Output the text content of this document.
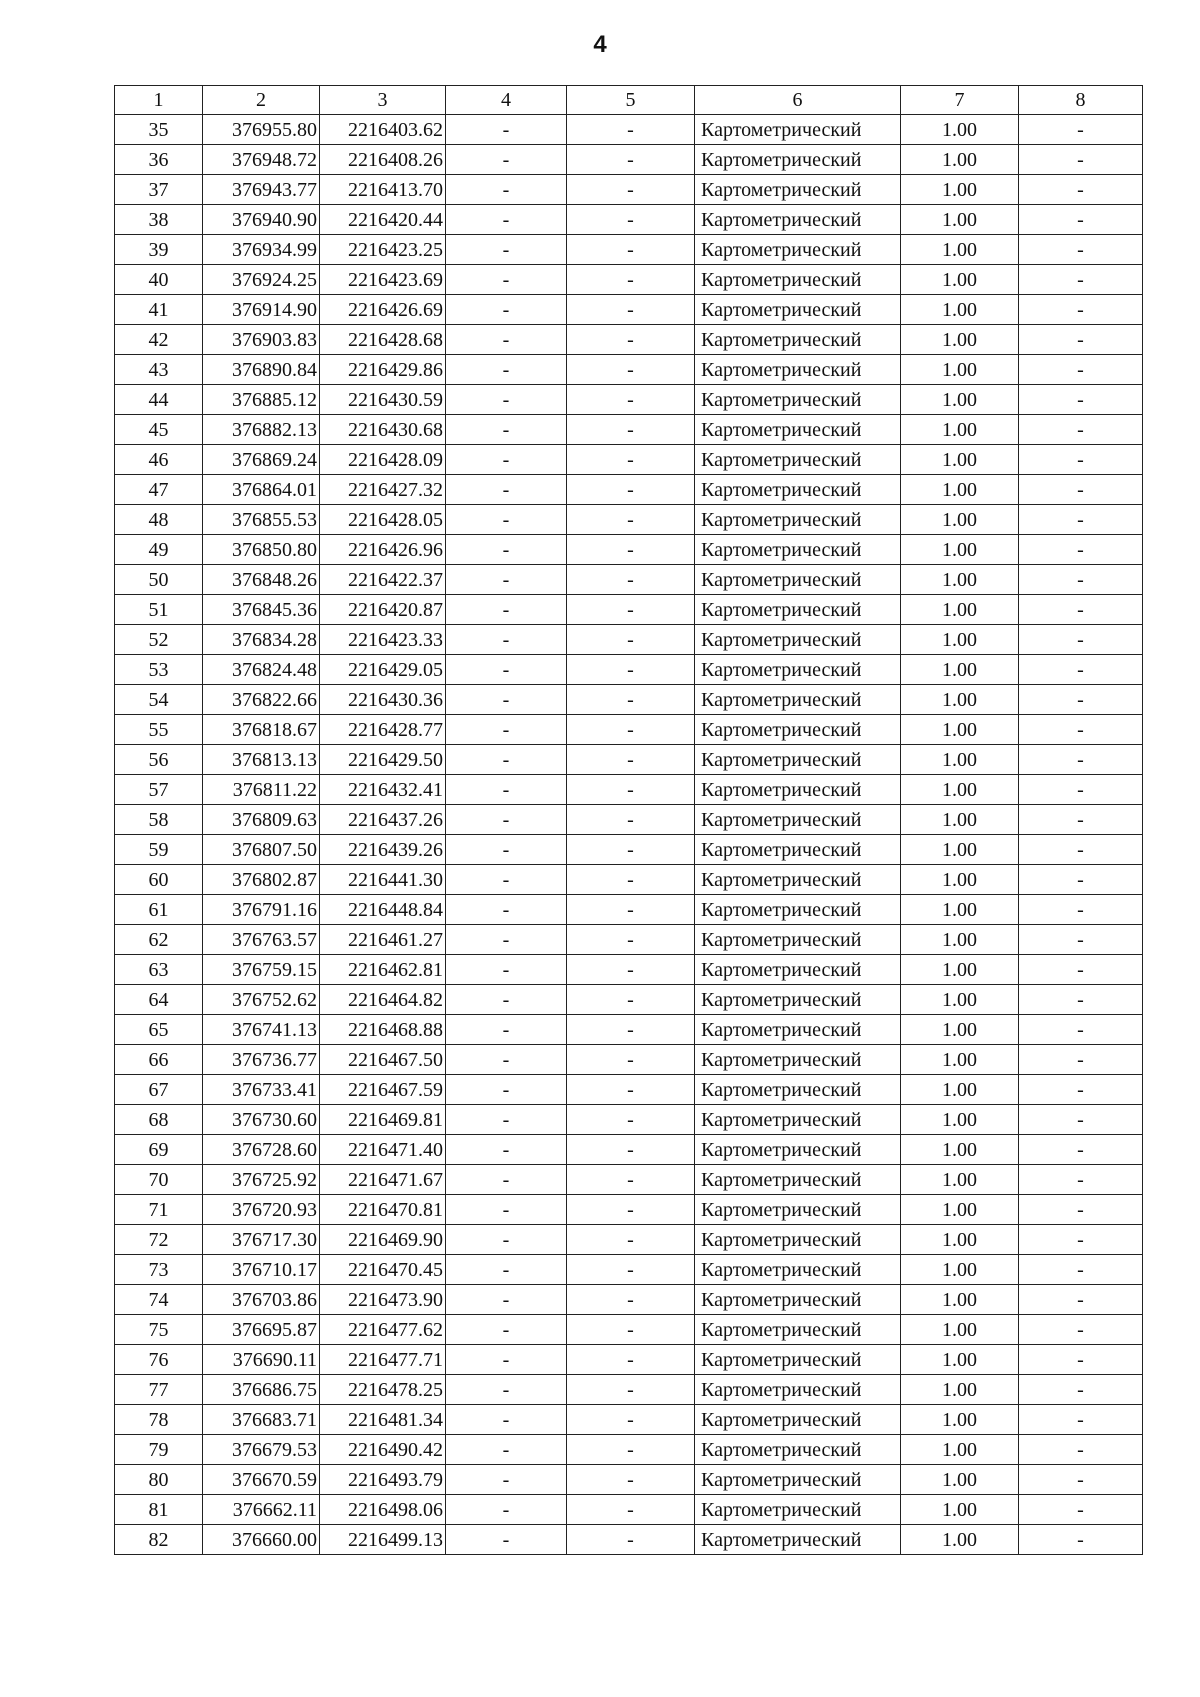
4
1	2	3	4	5	6	7	8
35	376955.80	2216403.62	-	-	Картометрический	1.00	-
36	376948.72	2216408.26	-	-	Картометрический	1.00	-
37	376943.77	2216413.70	-	-	Картометрический	1.00	-
38	376940.90	2216420.44	-	-	Картометрический	1.00	-
39	376934.99	2216423.25	-	-	Картометрический	1.00	-
40	376924.25	2216423.69	-	-	Картометрический	1.00	-
41	376914.90	2216426.69	-	-	Картометрический	1.00	-
42	376903.83	2216428.68	-	-	Картометрический	1.00	-
43	376890.84	2216429.86	-	-	Картометрический	1.00	-
44	376885.12	2216430.59	-	-	Картометрический	1.00	-
45	376882.13	2216430.68	-	-	Картометрический	1.00	-
46	376869.24	2216428.09	-	-	Картометрический	1.00	-
47	376864.01	2216427.32	-	-	Картометрический	1.00	-
48	376855.53	2216428.05	-	-	Картометрический	1.00	-
49	376850.80	2216426.96	-	-	Картометрический	1.00	-
50	376848.26	2216422.37	-	-	Картометрический	1.00	-
51	376845.36	2216420.87	-	-	Картометрический	1.00	-
52	376834.28	2216423.33	-	-	Картометрический	1.00	-
53	376824.48	2216429.05	-	-	Картометрический	1.00	-
54	376822.66	2216430.36	-	-	Картометрический	1.00	-
55	376818.67	2216428.77	-	-	Картометрический	1.00	-
56	376813.13	2216429.50	-	-	Картометрический	1.00	-
57	376811.22	2216432.41	-	-	Картометрический	1.00	-
58	376809.63	2216437.26	-	-	Картометрический	1.00	-
59	376807.50	2216439.26	-	-	Картометрический	1.00	-
60	376802.87	2216441.30	-	-	Картометрический	1.00	-
61	376791.16	2216448.84	-	-	Картометрический	1.00	-
62	376763.57	2216461.27	-	-	Картометрический	1.00	-
63	376759.15	2216462.81	-	-	Картометрический	1.00	-
64	376752.62	2216464.82	-	-	Картометрический	1.00	-
65	376741.13	2216468.88	-	-	Картометрический	1.00	-
66	376736.77	2216467.50	-	-	Картометрический	1.00	-
67	376733.41	2216467.59	-	-	Картометрический	1.00	-
68	376730.60	2216469.81	-	-	Картометрический	1.00	-
69	376728.60	2216471.40	-	-	Картометрический	1.00	-
70	376725.92	2216471.67	-	-	Картометрический	1.00	-
71	376720.93	2216470.81	-	-	Картометрический	1.00	-
72	376717.30	2216469.90	-	-	Картометрический	1.00	-
73	376710.17	2216470.45	-	-	Картометрический	1.00	-
74	376703.86	2216473.90	-	-	Картометрический	1.00	-
75	376695.87	2216477.62	-	-	Картометрический	1.00	-
76	376690.11	2216477.71	-	-	Картометрический	1.00	-
77	376686.75	2216478.25	-	-	Картометрический	1.00	-
78	376683.71	2216481.34	-	-	Картометрический	1.00	-
79	376679.53	2216490.42	-	-	Картометрический	1.00	-
80	376670.59	2216493.79	-	-	Картометрический	1.00	-
81	376662.11	2216498.06	-	-	Картометрический	1.00	-
82	376660.00	2216499.13	-	-	Картометрический	1.00	-
